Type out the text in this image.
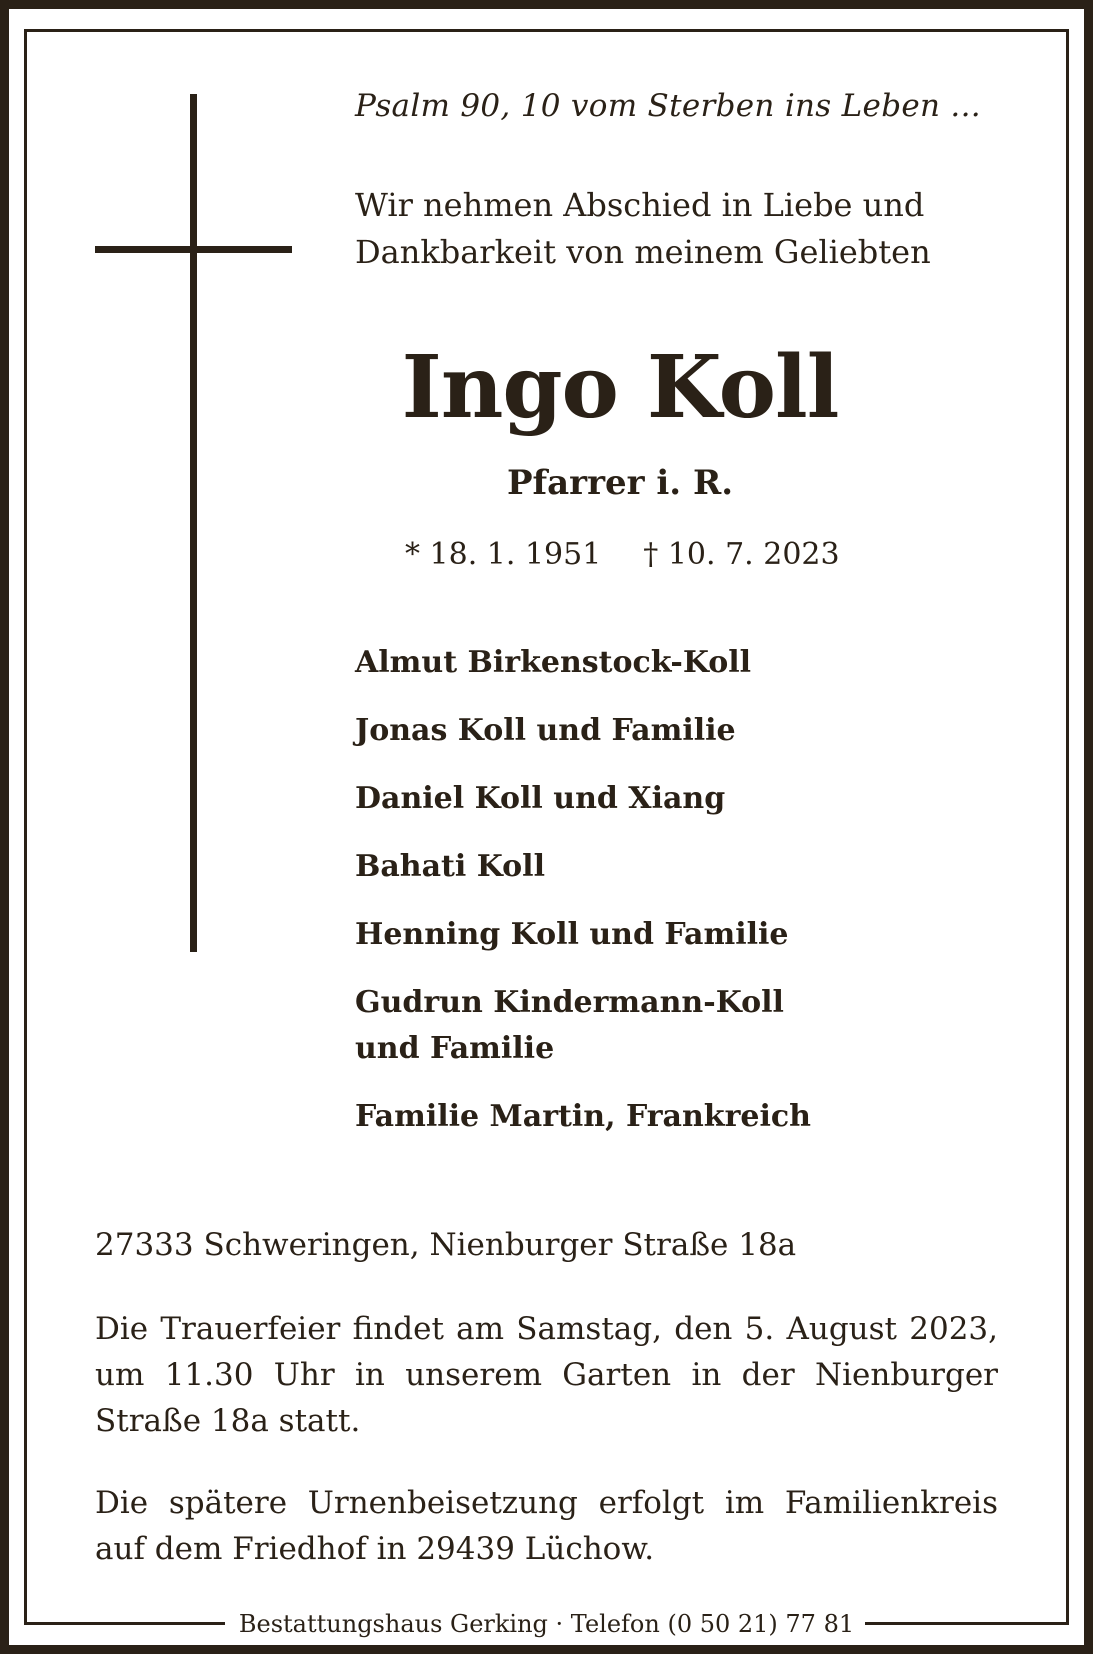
Psalm 90, 10 vom Sterben ins Leben ...
Wir nehmen Abschied in Liebe und
Dankbarkeit von meinem Geliebten
Ingo Koll
Pfarrer i. R.
* 18. 1. 1951 † 10. 7. 2023
Almut Birkenstock-Koll
Jonas Koll und Familie
Daniel Koll und Xiang
Bahati Koll
Henning Koll und Familie
Gudrun Kindermann-Koll und Familie
Familie Martin, Frankreich
27333 Schweringen, Nienburger Straße 18a
Die Trauerfeier findet am Samstag, den 5. August 2023, um 11.30 Uhr in unserem Garten in der Nienburger Straße 18a statt.
Die spätere Urnenbeisetzung erfolgt im Familienkreis auf dem Friedhof in 29439 Lüchow.
Bestattungshaus Gerking · Telefon (0 50 21) 77 81
